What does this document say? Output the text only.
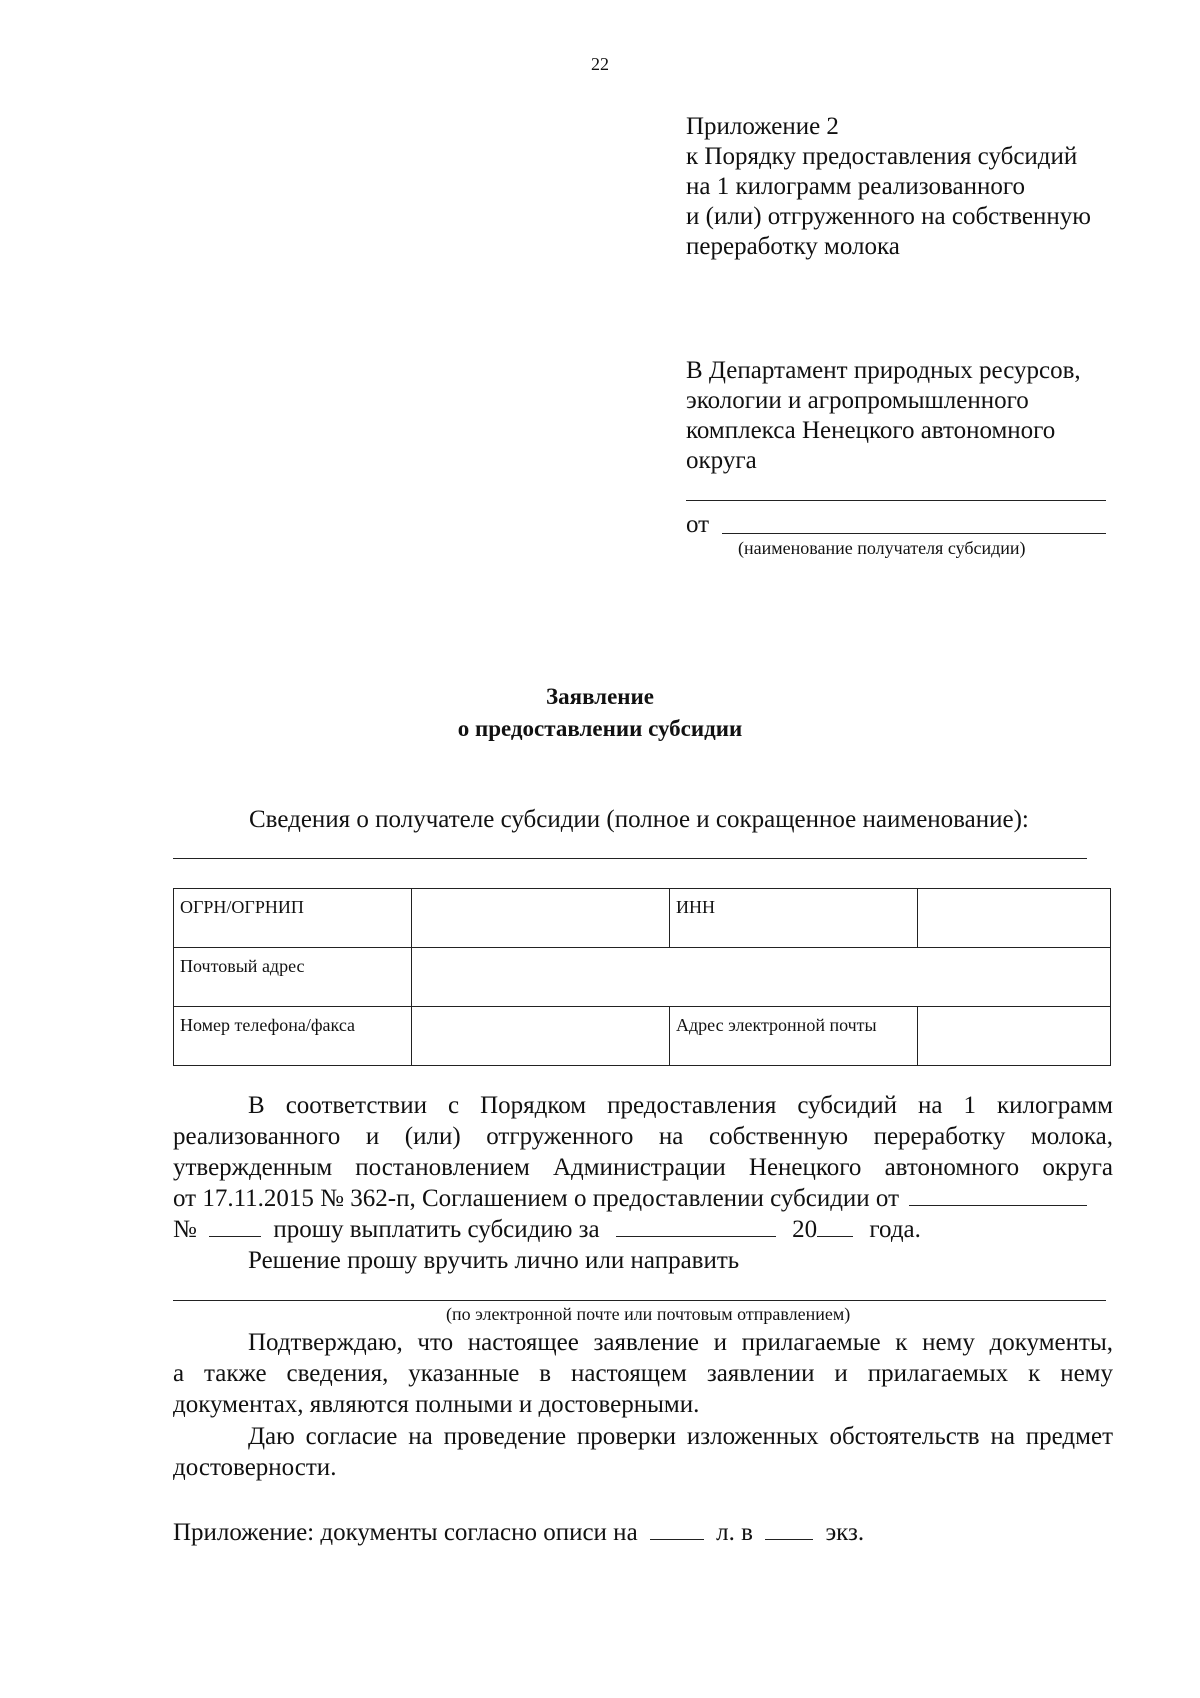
22
Приложение 2
к Порядку предоставления субсидий
на 1 килограмм реализованного
и (или) отгруженного на собственную
переработку молока
В Департамент природных ресурсов,
экологии и агропромышленного
комплекса Ненецкого автономного
округа
от
(наименование получателя субсидии)
Заявление
о предоставлении субсидии
Сведения о получателе субсидии (полное и сокращенное наименование):
ОГРН/ОГРНИП		ИНН	
Почтовый адрес			
Номер телефона/факса		Адрес электронной почты	
В соответствии с Порядком предоставления субсидий на 1 килограмм
реализованного и (или) отгруженного на собственную переработку молока,
утвержденным постановлением Администрации Ненецкого автономного округа
от 17.11.2015 № 362-п, Соглашением о предоставлении субсидии от
№	прошу выплатить субсидию за	20 года.
Решение прошу вручить лично или направить
(по электронной почте или почтовым отправлением)
Подтверждаю, что настоящее заявление и прилагаемые к нему документы,
а также сведения, указанные в настоящем заявлении и прилагаемых к нему
документах, являются полными и достоверными.
Даю согласие на проведение проверки изложенных обстоятельств на предмет
достоверности.
Приложение: документы согласно описи на	л. в	экз.
